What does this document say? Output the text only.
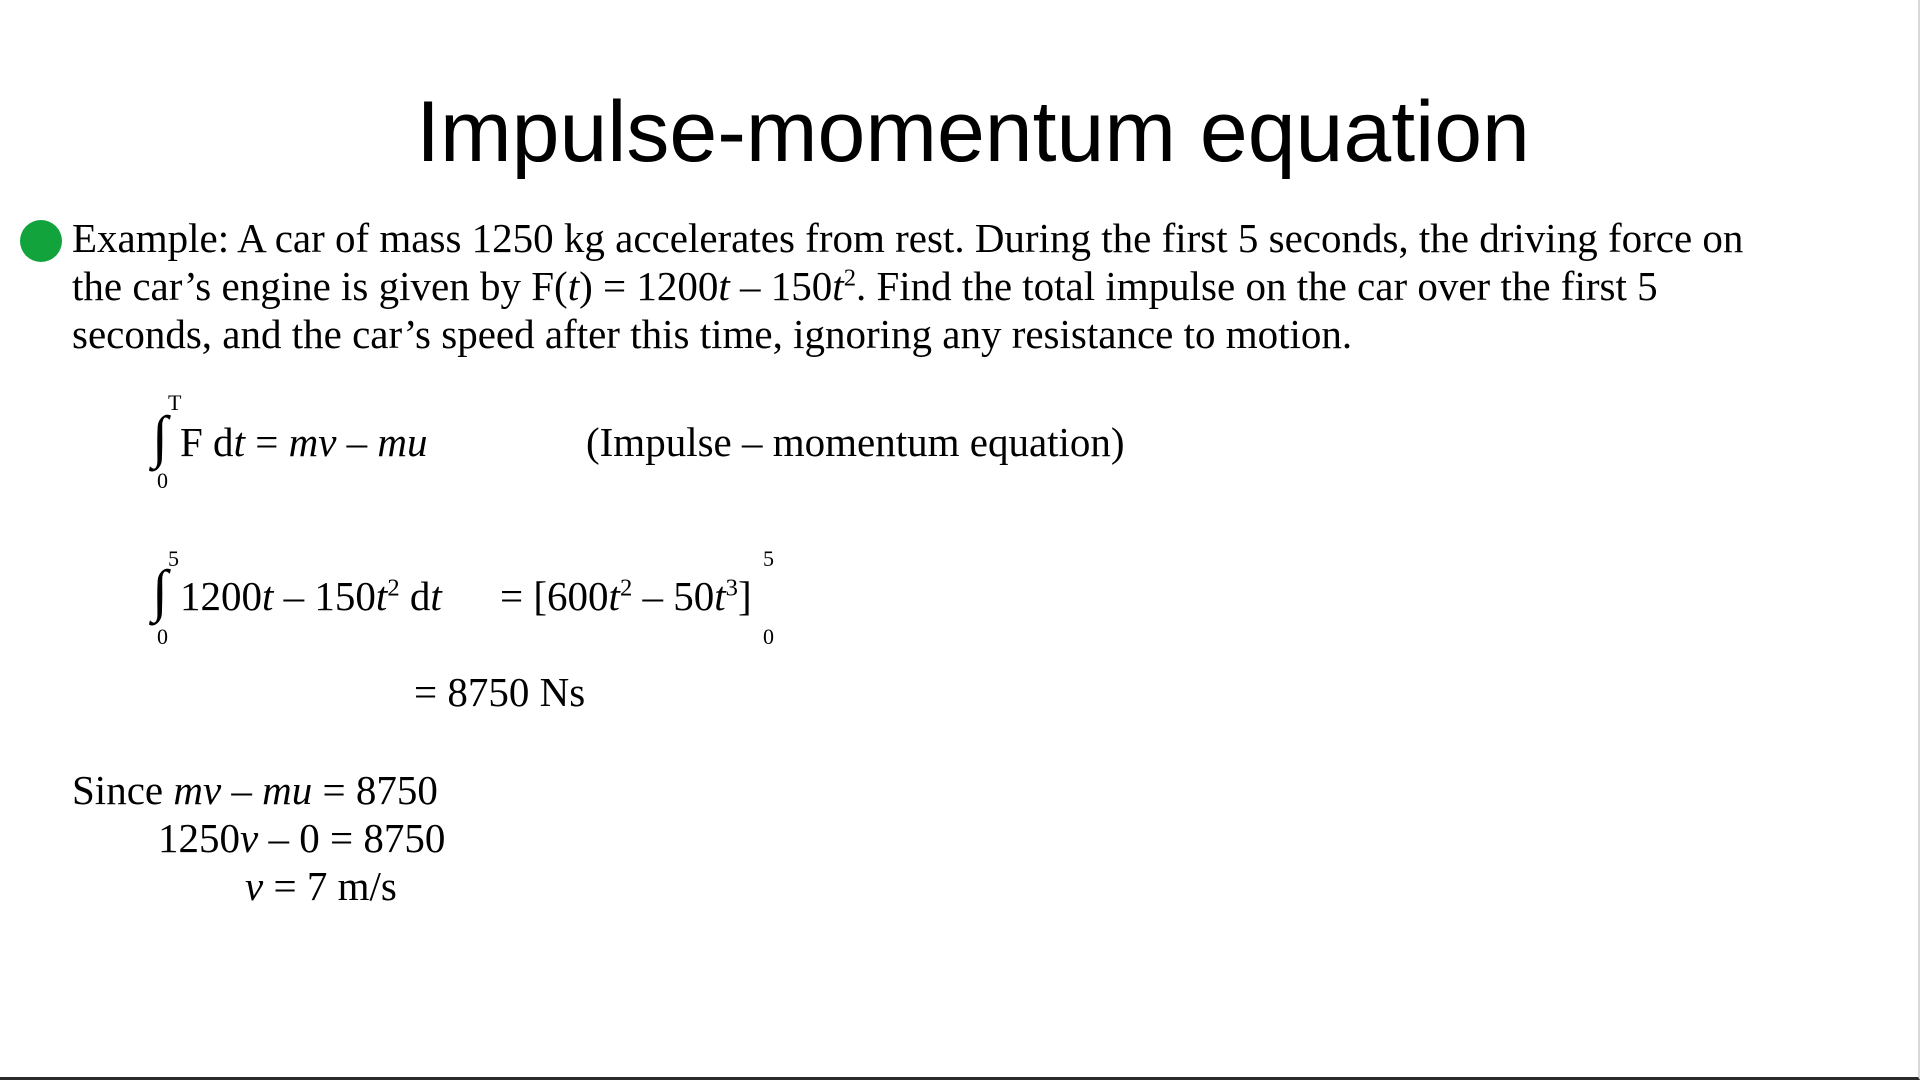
Impulse-momentum equation
Example: A car of mass 1250 kg accelerates from rest. During the first 5 seconds, the driving force on
the car’s engine is given by $F(t) = 1200t - 150t^2$. Find the total impulse on the car over the first 5
seconds, and the car’s speed after this time, ignoring any resistance to motion.
∫
T
0
F dt = mv – mu	(Impulse – momentum equation)
∫ 5
0
$1200t - 150t^2$ dt = $[600t^2 - 50t^3]$
5
0
= 8750 Ns
Since mv – mu = 8750
1250v – 0 = 8750
v = 7 m/s
